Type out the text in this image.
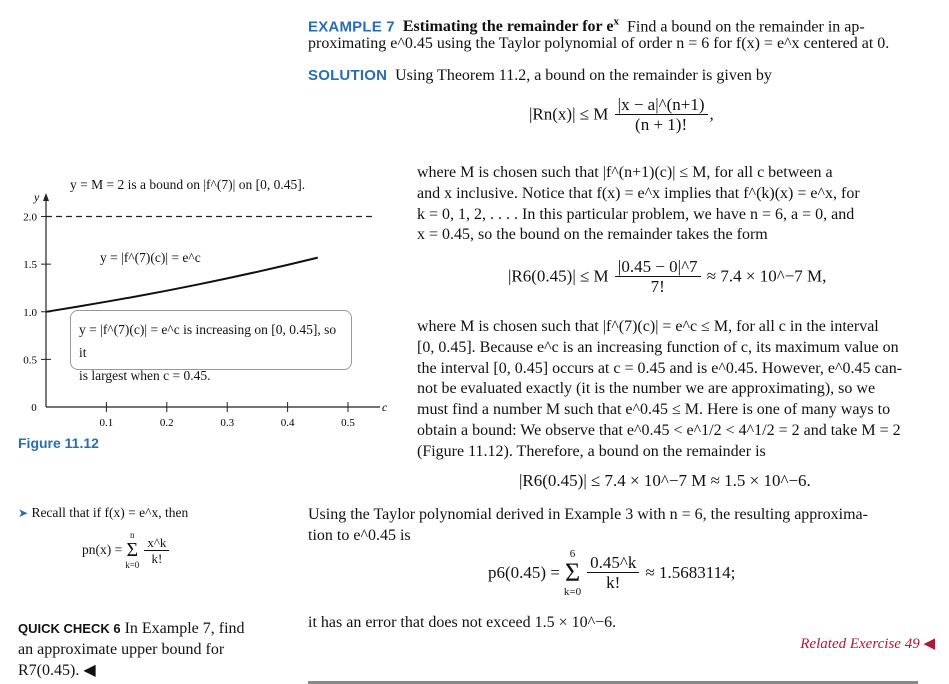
EXAMPLE 7 Estimating the remainder for $e^x$ Find a bound on the remainder in ap-
proximating e^0.45 using the Taylor polynomial of order n = 6 for f(x) = e^x centered at 0.
SOLUTION Using Theorem 11.2, a bound on the remainder is given by
|Rn(x)| ≤ M $\frac{|x - a|\^{}(n+1)}{(n + 1)!}$ ,
where M is chosen such that |f^(n+1)(c)| ≤ M, for all c between a
and x inclusive. Notice that f(x) = e^x implies that f^(k)(x) = e^x, for
k = 0, 1, 2, . . . . In this particular problem, we have n = 6, a = 0, and
x = 0.45, so the bound on the remainder takes the form
|R6(0.45)| ≤ M $\frac{|0.45 - 0|\^{}7}{7!} \approx 7.4$ × 10^−7 M,
where M is chosen such that |f^(7)(c)| = e^c ≤ M, for all c in the interval
[0, 0.45]. Because e^c is an increasing function of c, its maximum value on
the interval [0, 0.45] occurs at c = 0.45 and is e^0.45. However, e^0.45 can-
not be evaluated exactly (it is the number we are approximating), so we
must find a number M such that e^0.45 ≤ M. Here is one of many ways to
obtain a bound: We observe that e^0.45 < e^1/2 < 4^1/2 = 2 and take M = 2
(Figure 11.12). Therefore, a bound on the remainder is
|R6(0.45)| ≤ 7.4 × 10^−7 M ≈ 1.5 × 10^−6.
Using the Taylor polynomial derived in Example 3 with n = 6, the resulting approxima-
tion to e^0.45 is
p6(0.45) =
6
Σ
$k=0 \frac{0.45\^{}k}{k!} \approx 1.5683114$;
it has an error that does not exceed 1.5 × 10^−6.
Related Exercise 49 ◀
y
c
0
0.5
1.0
1.5
2.0
0.1	0.2	0.3	0.4	0.5
y = M = 2 is a bound on |f^(7)| on [0, 0.45].
y = |f^(7)(c)| = e^c
y = |f^(7)(c)| = e^c is increasing on [0, 0.45], so it
is largest when c = 0.45.
Figure 11.12
➤ Recall that if f(x) = e^x, then
pn(x) =
n
Σ
$k=0 \frac{x\^{}k}{k!}$
QUICK CHECK 6 In Example 7, find
an approximate upper bound for
R7(0.45). ◀
